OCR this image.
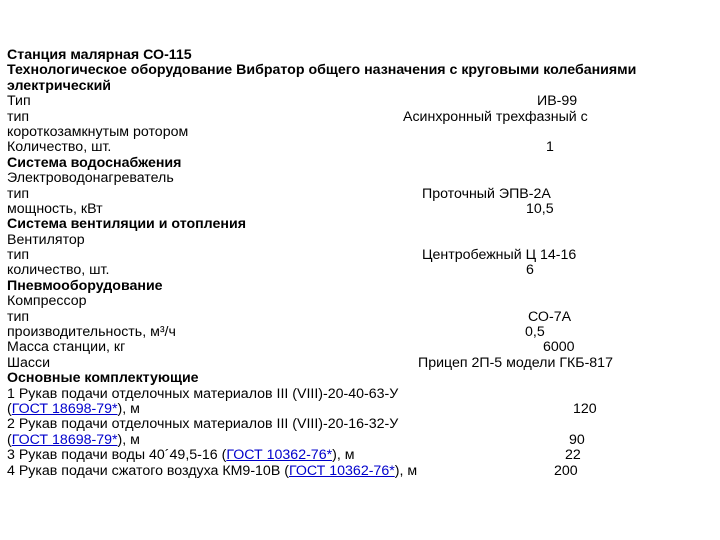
Станция малярная СО-115
Технологическое оборудование Вибратор общего назначения с круговыми колебаниями
электрический
Тип	ИВ-99
тип	Асинхронный трехфазный с
короткозамкнутым ротором
Количество, шт.	1
Система водоснабжения
Электроводонагреватель
тип	Проточный ЭПВ-2А
мощность, кВт	10,5
Система вентиляции и отопления
Вентилятор
тип	Центробежный Ц 14-16
количество, шт.	6
Пневмооборудование
Компрессор
тип	СО-7А
производительность, м³/ч	0,5
Масса станции, кг	6000
Шасси	Прицеп 2П-5 модели ГКБ-817
Основные комплектующие
1 Рукав подачи отделочных материалов III (VIII)-20-40-63-У
(ГОСТ 18698-79*), м	120
2 Рукав подачи отделочных материалов III (VIII)-20-16-32-У
(ГОСТ 18698-79*), м	90
3 Рукав подачи воды 40´49,5-16 (ГОСТ 10362-76*), м	22
4 Рукав подачи сжатого воздуха КМ9-10В (ГОСТ 10362-76*), м	200
